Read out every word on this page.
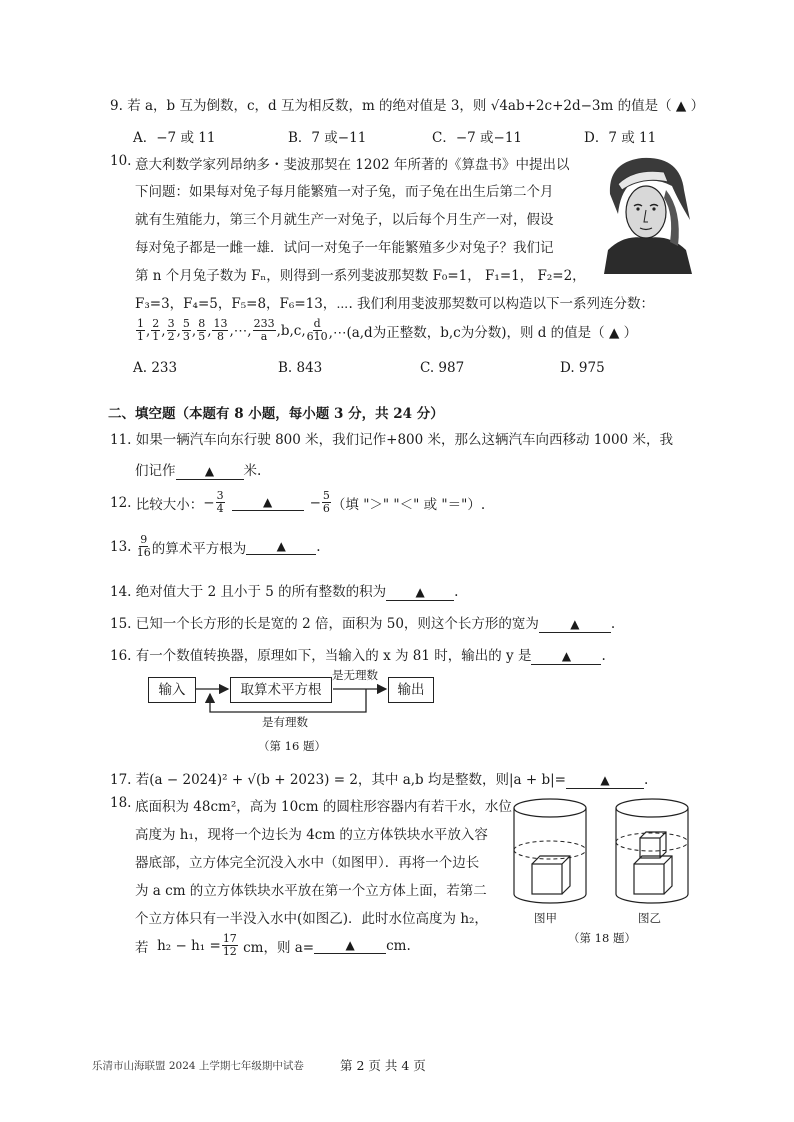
9. 若 a，b 互为倒数，c，d 互为相反数，m 的绝对值是 3，则 √4ab+2c+2d−3m 的值是（ ▲ ）
A．−7 或 11	B．7 或−11	C．−7 或−11	D．7 或 11
10. 意大利数学家列昂纳多・斐波那契在 1202 年所著的《算盘书》中提出以
下问题：如果每对兔子每月能繁殖一对子兔，而子兔在出生后第二个月
就有生殖能力，第三个月就生产一对兔子，以后每个月生产一对，假设
每对兔子都是一雌一雄．试问一对兔子一年能繁殖多少对兔子？我们记
第 n 个月兔子数为 Fₙ，则得到一系列斐波那契数 F₀=1， F₁=1， F₂=2，
F₃=3，F₄=5，F₅=8，F₆=13，⋯. 我们利用斐波那契数可以构造以下一系列连分数：
$\frac{1}{1}$ , $\frac{2}{1}$ , $\frac{3}{2}$ , $\frac{5}{3}$ , $\frac{8}{5}$ , $\frac{13}{8}$ ,⋯, $\frac{233}{a} ,b,c$, $\frac{d}{610}$ ,⋯(a,d为正整数，b,c为分数)，则 d 的值是（ ▲ ）
A. 233	B. 843	C. 987	D. 975
二、填空题（本题有 8 小题，每小题 3 分，共 24 分）
11. 如果一辆汽车向东行驶 800 米，我们记作+800 米，那么这辆汽车向西移动 1000 米，我
们记作 ▲ 米.
12.
比较大小： − $\frac{3}{4}$	▲	− $\frac{5}{6}$ （填 "＞" "＜" 或 "＝"）.
13.
$\frac{9}{16}$ 的算术平方根为	▲	.
14. 绝对值大于 2 且小于 5 的所有整数的积为 ▲ .
15. 已知一个长方形的长是宽的 2 倍，面积为 50，则这个长方形的宽为	▲ .
16. 有一个数值转换器，原理如下，当输入的 x 为 81 时，输出的 y 是	▲ .
输入	取算术平方根	输出
是无理数
是有理数
（第 16 题）
17. 若(a − 2024)² + √(b + 2023) = 2，其中 a,b 均是整数，则|a + b|=	▲	.
18. 底面积为 48cm²，高为 10cm 的圆柱形容器内有若干水，水位
高度为 h₁，现将一个边长为 4cm 的立方体铁块水平放入容
器底部，立方体完全沉没入水中（如图甲）．再将一个边长
为 a cm 的立方体铁块水平放在第一个立方体上面，若第二
个立方体只有一半没入水中(如图乙)．此时水位高度为 h₂，
若
$h_2 - h_1 = \frac{17}{12}$
cm，则 a=	▲	cm.
图甲	图乙
（第 18 题）
乐清市山海联盟 2024 上学期七年级期中试卷	第 2 页 共 4 页
